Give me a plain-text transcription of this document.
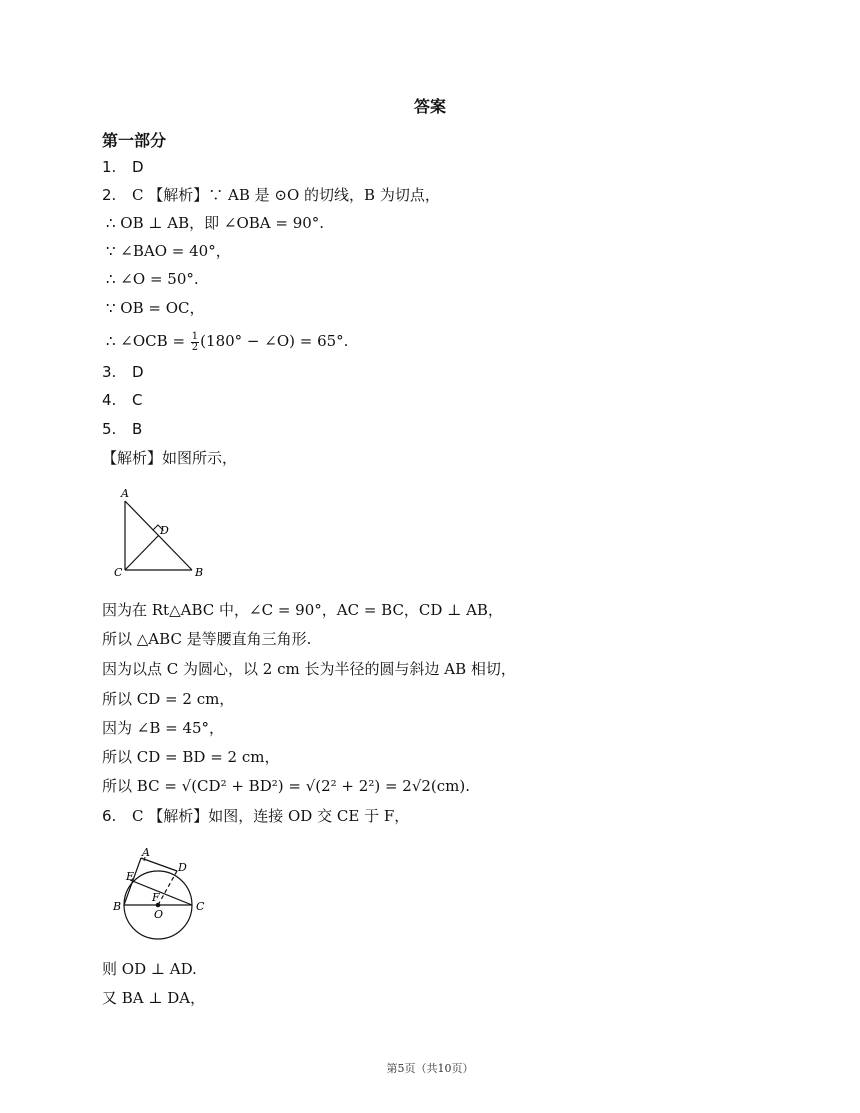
答案
第一部分
1. D
2. C 【解析】∵ AB 是 ⊙O 的切线，B 为切点，
∴ OB ⊥ AB，即 ∠OBA = 90°.
∵ ∠BAO = 40°，
∴ ∠O = 50°.
∵ OB = OC，
∴ ∠OCB = $\frac{1}{2} (180^\circ$ − ∠O) = 65°.
3. D
4. C
5. B
【解析】如图所示，
A
D
C	B
因为在 Rt△ABC 中，∠C = 90°，AC = BC，CD ⊥ AB，
所以 △ABC 是等腰直角三角形.
因为以点 C 为圆心，以 2 cm 长为半径的圆与斜边 AB 相切，
所以 CD = 2 cm，
因为 ∠B = 45°，
所以 CD = BD = 2 cm，
所以 BC = √(CD² + BD²) = √(2² + 2²) = 2√2(cm).
6. C 【解析】如图，连接 OD 交 CE 于 F，
A
D
E
F
B
O
C
则 OD ⊥ AD.
又 BA ⊥ DA，
第5页（共10页）
